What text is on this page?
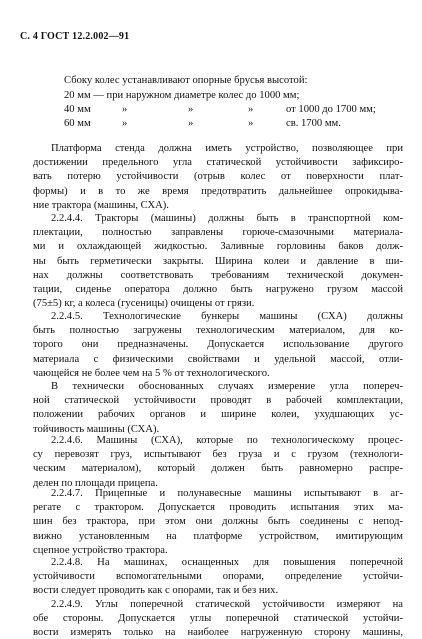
С. 4 ГОСТ 12.2.002—91
Сбоку колес устанавливают опорные брусья высотой:
20 мм — при наружном диаметре колес до 1000 мм;
40 мм	»	»	»	от 1000 до 1700 мм;
60 мм	»	»	»	св. 1700 мм.
Платформа стенда должна иметь устройство, позволяющее при
достижении предельного угла статической устойчивости зафиксиро-
вать потерю устойчивости (отрыв колес от поверхности плат-
формы) и в то же время предотвратить дальнейшее опрокидыва-
ние трактора (машины, СХА).
2.2.4.4. Тракторы (машины) должны быть в транспортной ком-
плектации, полностью заправлены горюче-смазочными материала-
ми и охлаждающей жидкостью. Заливные горловины баков долж-
ны быть герметически закрыты. Ширина колеи и давление в ши-
нах должны соответствовать требованиям технической докумен-
тации, сиденье оператора должно быть нагружено грузом массой
(75±5) кг, а колеса (гусеницы) очищены от грязи.
2.2.4.5. Технологические бункеры машины (СХА) должны
быть полностью загружены технологическим материалом, для ко-
торого они предназначены. Допускается использование другого
материала с физическими свойствами и удельной массой, отли-
чающейся не более чем на 5 % от технологического.
В технически обоснованных случаях измерение угла попереч-
ной статической устойчивости проводят в рабочей комплектации,
положении рабочих органов и ширине колеи, ухудшающих ус-
тойчивость машины (СХА).
2.2.4.6. Машины (СХА), которые по технологическому процес-
су перевозят груз, испытывают без груза и с грузом (технологи-
ческим материалом), который должен быть равномерно распре-
делен по площади прицепа.
2.2.4.7. Прицепные и полунавесные машины испытывают в аг-
регате с трактором. Допускается проводить испытания этих ма-
шин без трактора, при этом они должны быть соединены с непод-
вижно установленным на платформе устройством, имитирующим
сцепное устройство трактора.
2.2.4.8. На машинах, оснащенных для повышения поперечной
устойчивости вспомогательными опорами, определение устойчи-
вости следует проводить как с опорами, так и без них.
2.2.4.9. Углы поперечной статической устойчивости измеряют на
обе стороны. Допускается углы поперечной статической устойчи-
вости измерять только на наиболее нагруженную сторону машины,
